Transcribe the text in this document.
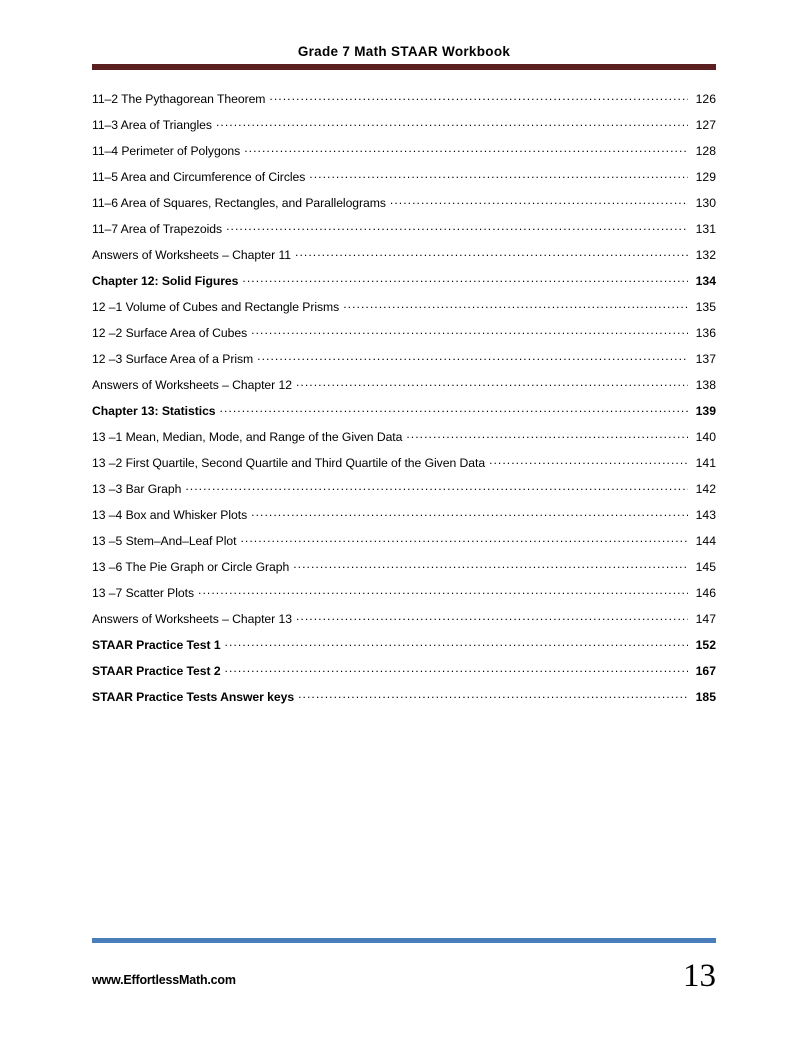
Grade 7 Math STAAR Workbook
11–2 The Pythagorean Theorem .....	126
11–3 Area of Triangles .....	127
11–4 Perimeter of Polygons .....	128
11–5 Area and Circumference of Circles .....	129
11–6 Area of Squares, Rectangles, and Parallelograms .....	130
11–7 Area of Trapezoids .....	131
Answers of Worksheets – Chapter 11 .....	132
Chapter 12: Solid Figures .....	134
12 –1 Volume of Cubes and Rectangle Prisms .....	135
12 –2 Surface Area of Cubes .....	136
12 –3 Surface Area of a Prism .....	137
Answers of Worksheets – Chapter 12 .....	138
Chapter 13: Statistics .....	139
13 –1 Mean, Median, Mode, and Range of the Given Data .....	140
13 –2 First Quartile, Second Quartile and Third Quartile of the Given Data .....	141
13 –3 Bar Graph .....	142
13 –4 Box and Whisker Plots .....	143
13 –5 Stem–And–Leaf Plot .....	144
13 –6 The Pie Graph or Circle Graph .....	145
13 –7 Scatter Plots .....	146
Answers of Worksheets – Chapter 13 .....	147
STAAR Practice Test 1 .....	152
STAAR Practice Test 2 .....	167
STAAR Practice Tests Answer keys .....	185
www.EffortlessMath.com	13
